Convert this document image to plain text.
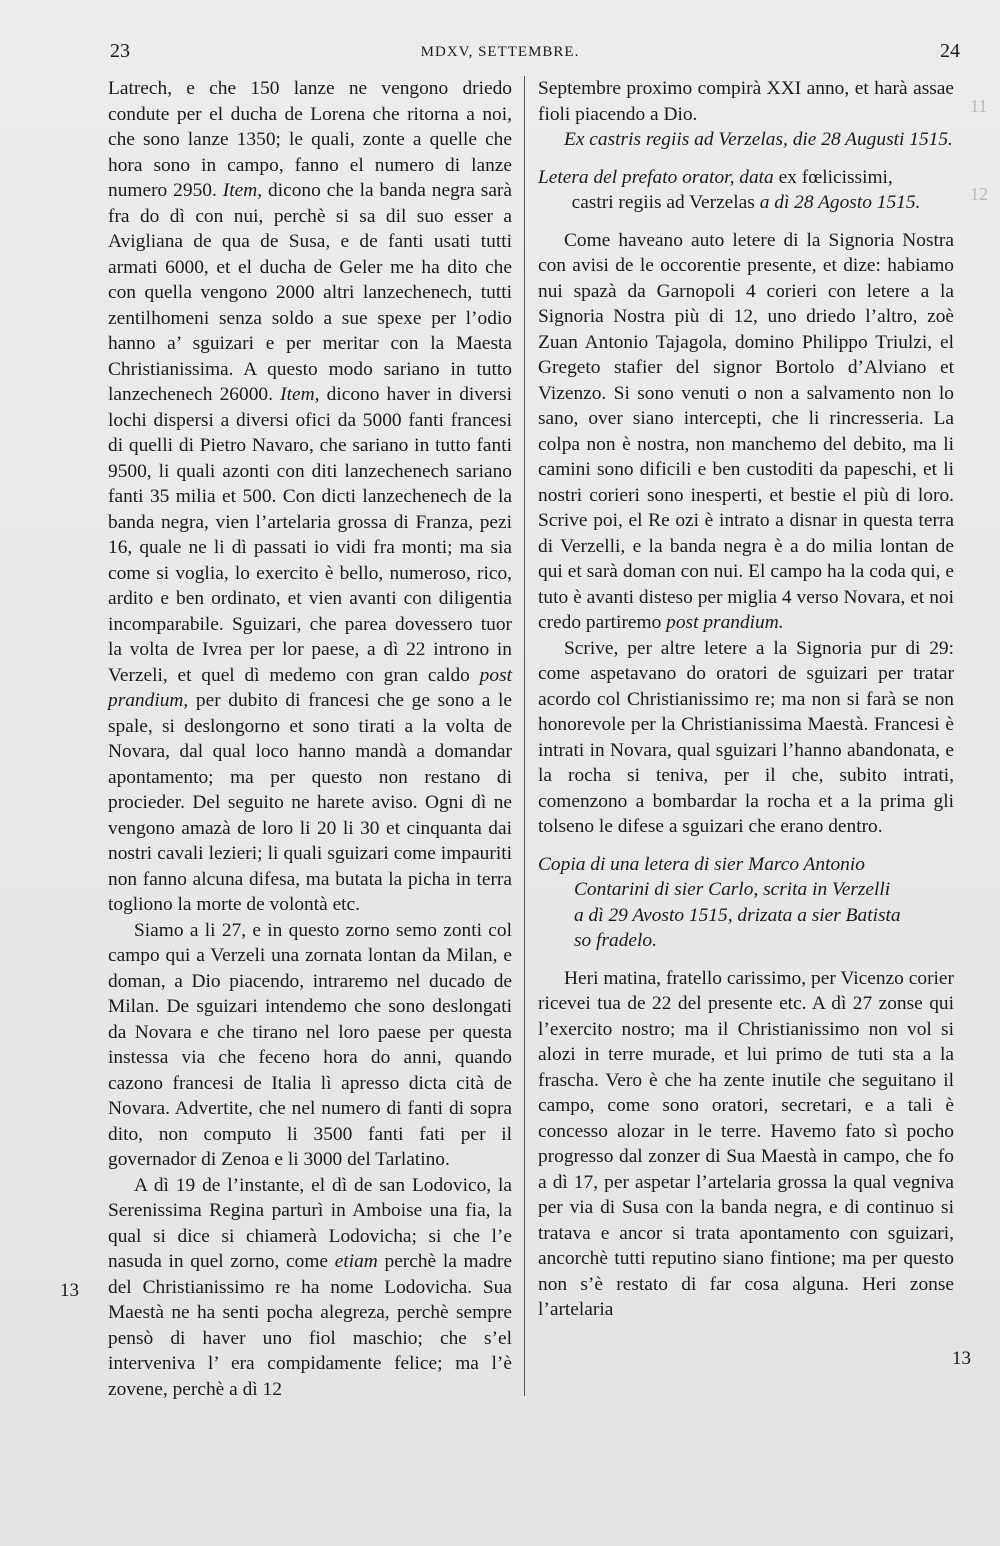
23	MDXV, SETTEMBRE.	24
11
12

Latrech, e che 150 lanze ne vengono driedo condute per el ducha de Lorena che ritorna a noi, che sono lanze 1350; le quali, zonte a quelle che hora sono in campo, fanno el numero di lanze numero 2950. Item, dicono che la banda negra sarà fra do dì con nui, perchè si sa dil suo esser a Avigliana de qua de Susa, e de fanti usati tutti armati 6000, et el ducha de Geler me ha dito che con quella vengono 2000 altri lanzechenech, tutti zentilhomeni senza soldo a sue spexe per l’odio hanno a’ sguizari e per meritar con la Maesta Christianissima. A questo modo sariano in tutto lanzechenech 26000. Item, dicono haver in diversi lochi dispersi a diversi ofici da 5000 fanti francesi di quelli di Pietro Navaro, che sariano in tutto fanti 9500, li quali azonti con diti lanzechenech sariano fanti 35 milia et 500. Con dicti lanzechenech de la banda negra, vien l’artelaria grossa di Franza, pezi 16, quale ne li dì passati io vidi fra monti; ma sia come si voglia, lo exercito è bello, numeroso, rico, ardito e ben ordinato, et vien avanti con diligentia incomparabile. Sguizari, che parea dovessero tuor la volta de Ivrea per lor paese, a dì 22 introno in Verzeli, et quel dì medemo con gran caldo post prandium, per dubito di francesi che ge sono a le spale, si deslongorno et sono tirati a la volta de Novara, dal qual loco hanno mandà a domandar apontamento; ma per questo non restano di procieder. Del seguito ne harete aviso. Ogni dì ne vengono amazà de loro li 20 li 30 et cinquanta dai nostri cavali lezieri; li quali sguizari come impauriti non fanno alcuna difesa, ma butata la picha in terra togliono la morte de volontà etc.

Siamo a li 27, e in questo zorno semo zonti col campo qui a Verzeli una zornata lontan da Milan, e doman, a Dio piacendo, intraremo nel ducado de Milan. De sguizari intendemo che sono deslongati da Novara e che tirano nel loro paese per questa instessa via che feceno hora do anni, quando cazono francesi de Italia lì apresso dicta cità de Novara. Advertite, che nel numero di fanti di sopra dito, non computo li 3500 fanti fati per il governador di Zenoa e li 3000 del Tarlatino.

A dì 19 de l’instante, el dì de san Lodovico, la Serenissima Regina parturì in Amboise una fia, la qual si dice si chiamerà Lodovicha; si che l’e nasuda in quel zorno, come etiam perchè la madre del Christianissimo re ha nome Lodovicha. Sua Maestà ne ha senti pocha alegreza, perchè sempre pensò di haver uno fiol maschio; che s’el interveniva l’ era compidamente felice; ma l’è zovene, perchè a dì 12

13
13

Septembre proximo compirà XXI anno, et harà assae fioli piacendo a Dio.

Ex castris regiis ad Verzelas, die 28 Augusti 1515.

Letera del prefato orator, data ex fœlicissimi,

castri regiis ad Verzelas a dì 28 Agosto 1515.

Come haveano auto letere di la Signoria Nostra con avisi de le occorentie presente, et dize: habiamo nui spazà da Garnopoli 4 corieri con letere a la Signoria Nostra più di 12, uno driedo l’altro, zoè Zuan Antonio Tajagola, domino Philippo Triulzi, el Gregeto stafier del signor Bortolo d’Alviano et Vizenzo. Si sono venuti o non a salvamento non lo sano, over siano intercepti, che li rincresseria. La colpa non è nostra, non manchemo del debito, ma li camini sono dificili e ben custoditi da papeschi, et li nostri corieri sono inesperti, et bestie el più di loro. Scrive poi, el Re ozi è intrato a disnar in questa terra di Verzelli, e la banda negra è a do milia lontan de qui et sarà doman con nui. El campo ha la coda qui, e tuto è avanti disteso per miglia 4 verso Novara, et noi credo partiremo post prandium.

Scrive, per altre letere a la Signoria pur di 29: come aspetavano do oratori de sguizari per tratar acordo col Christianissimo re; ma non si farà se non honorevole per la Christianissima Maestà. Francesi è intrati in Novara, qual sguizari l’hanno abandonata, e la rocha si teniva, per il che, subito intrati, comenzono a bombardar la rocha et a la prima gli tolseno le difese a sguizari che erano dentro.

Copia di una letera di sier Marco Antonio
Contarini di sier Carlo, scrita in Verzelli
a dì 29 Avosto 1515, drizata a sier Batista
so fradelo.

Heri matina, fratello carissimo, per Vicenzo corier ricevei tua de 22 del presente etc. A dì 27 zonse qui l’exercito nostro; ma il Christianissimo non vol si alozi in terre murade, et lui primo de tuti sta a la frascha. Vero è che ha zente inutile che seguitano il campo, come sono oratori, secretari, e a tali è concesso alozar in le terre. Havemo fato sì pocho progresso dal zonzer di Sua Maestà in campo, che fo a dì 17, per aspetar l’artelaria grossa la qual vegniva per via di Susa con la banda negra, e di continuo si tratava e ancor si trata apontamento con sguizari, ancorchè tutti reputino siano fintione; ma per questo non s’è restato di far cosa alguna. Heri zonse l’artelaria
